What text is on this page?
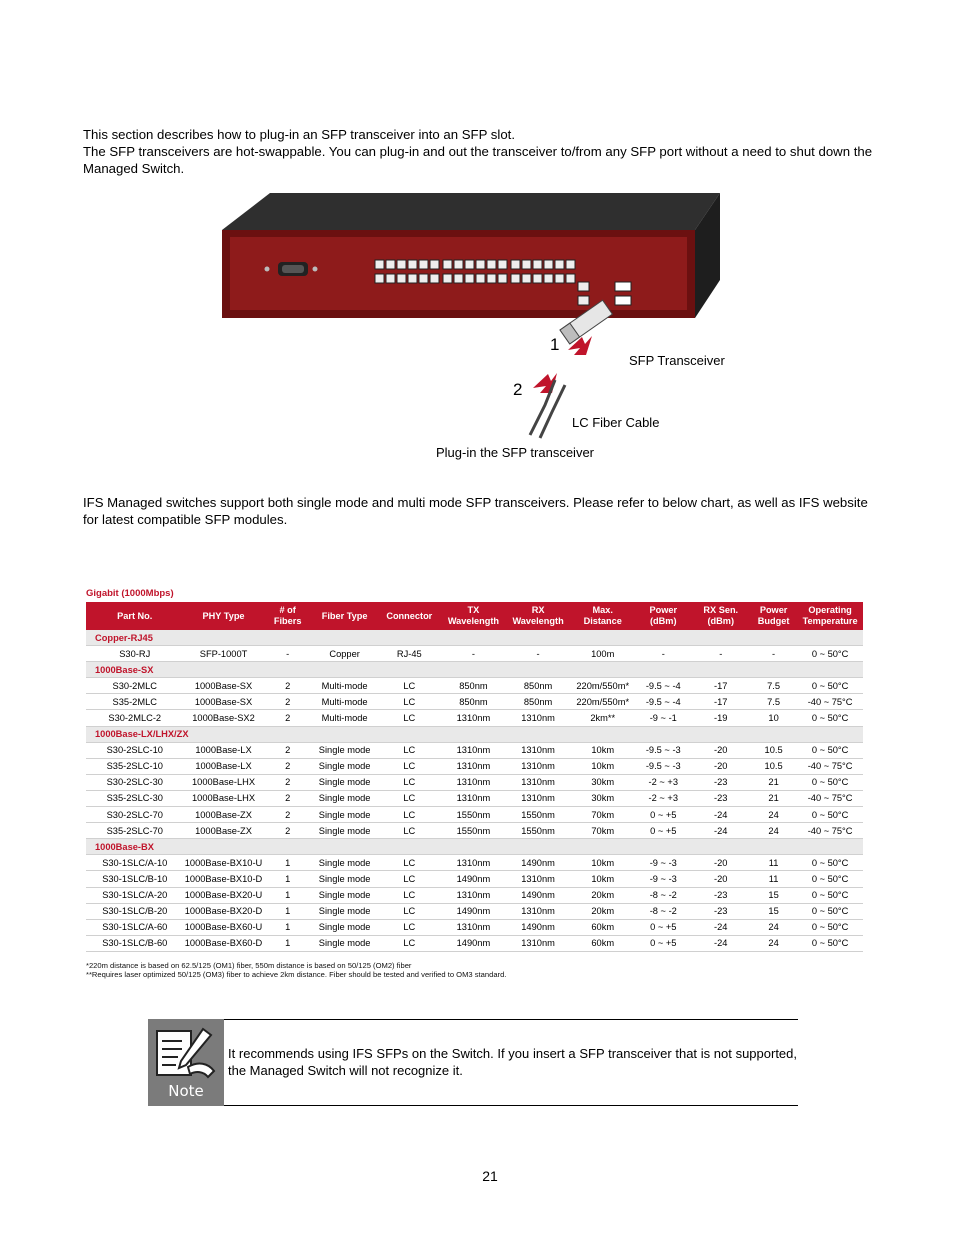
This section describes how to plug-in an SFP transceiver into an SFP slot.
The SFP transceivers are hot-swappable. You can plug-in and out the transceiver to/from any SFP port without a need to shut down the Managed Switch.

1
2
SFP Transceiver
LC Fiber Cable
Plug-in the SFP transceiver

IFS Managed switches support both single mode and multi mode SFP transceivers. Please refer to below chart, as well as IFS website for latest compatible SFP modules.

Gigabit (1000Mbps)
Part No.	PHY Type	# of Fibers	Fiber Type	Connector	TX Wavelength	RX Wavelength	Max. Distance	Power (dBm)	RX Sen. (dBm)	Power Budget	Operating Temperature
Copper-RJ45											
S30-RJ	SFP-1000T	-	Copper	RJ-45	-	-	100m	-	-	-	0 ~ 50°C
1000Base-SX											
S30-2MLC	1000Base-SX	2	Multi-mode	LC	850nm	850nm	220m/550m*	-9.5 ~ -4	-17	7.5	0 ~ 50°C
S35-2MLC	1000Base-SX	2	Multi-mode	LC	850nm	850nm	220m/550m*	-9.5 ~ -4	-17	7.5	-40 ~ 75°C
S30-2MLC-2	1000Base-SX2	2	Multi-mode	LC	1310nm	1310nm	2km**	-9 ~ -1	-19	10	0 ~ 50°C
1000Base-LX/LHX/ZX											
S30-2SLC-10	1000Base-LX	2	Single mode	LC	1310nm	1310nm	10km	-9.5 ~ -3	-20	10.5	0 ~ 50°C
S35-2SLC-10	1000Base-LX	2	Single mode	LC	1310nm	1310nm	10km	-9.5 ~ -3	-20	10.5	-40 ~ 75°C
S30-2SLC-30	1000Base-LHX	2	Single mode	LC	1310nm	1310nm	30km	-2 ~ +3	-23	21	0 ~ 50°C
S35-2SLC-30	1000Base-LHX	2	Single mode	LC	1310nm	1310nm	30km	-2 ~ +3	-23	21	-40 ~ 75°C
S30-2SLC-70	1000Base-ZX	2	Single mode	LC	1550nm	1550nm	70km	0 ~ +5	-24	24	0 ~ 50°C
S35-2SLC-70	1000Base-ZX	2	Single mode	LC	1550nm	1550nm	70km	0 ~ +5	-24	24	-40 ~ 75°C
1000Base-BX											
S30-1SLC/A-10	1000Base-BX10-U	1	Single mode	LC	1310nm	1490nm	10km	-9 ~ -3	-20	11	0 ~ 50°C
S30-1SLC/B-10	1000Base-BX10-D	1	Single mode	LC	1490nm	1310nm	10km	-9 ~ -3	-20	11	0 ~ 50°C
S30-1SLC/A-20	1000Base-BX20-U	1	Single mode	LC	1310nm	1490nm	20km	-8 ~ -2	-23	15	0 ~ 50°C
S30-1SLC/B-20	1000Base-BX20-D	1	Single mode	LC	1490nm	1310nm	20km	-8 ~ -2	-23	15	0 ~ 50°C
S30-1SLC/A-60	1000Base-BX60-U	1	Single mode	LC	1310nm	1490nm	60km	0 ~ +5	-24	24	0 ~ 50°C
S30-1SLC/B-60	1000Base-BX60-D	1	Single mode	LC	1490nm	1310nm	60km	0 ~ +5	-24	24	0 ~ 50°C
*220m distance is based on 62.5/125 (OM1) fiber, 550m distance is based on 50/125 (OM2) fiber
**Requires laser optimized 50/125 (OM3) fiber to achieve 2km distance. Fiber should be tested and verified to OM3 standard.
Note
It recommends using IFS SFPs on the Switch. If you insert a SFP transceiver that is not supported, the Managed Switch will not recognize it.
21
